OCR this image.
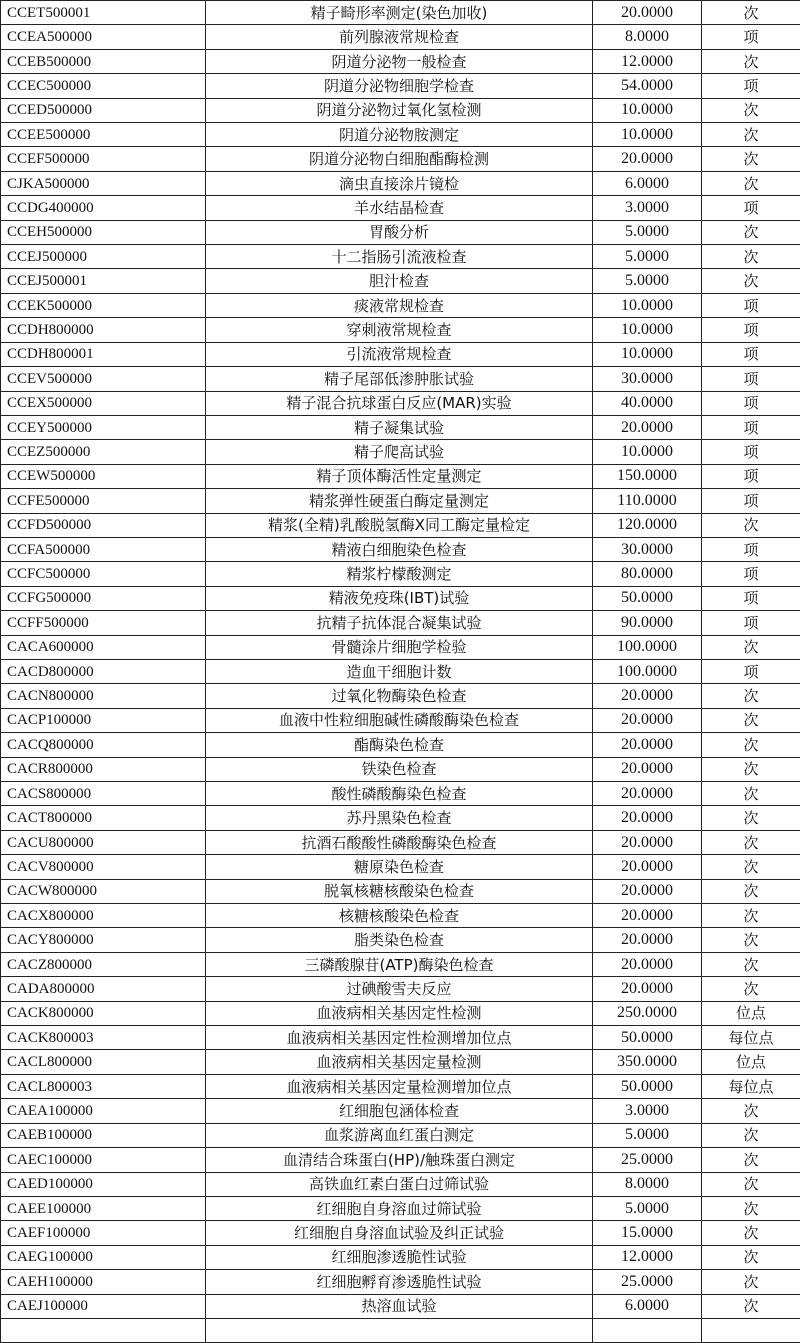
CCET500001	精子畸形率测定(染色加收)	20.0000	次
CCEA500000	前列腺液常规检查	8.0000	项
CCEB500000	阴道分泌物一般检查	12.0000	次
CCEC500000	阴道分泌物细胞学检查	54.0000	项
CCED500000	阴道分泌物过氧化氢检测	10.0000	次
CCEE500000	阴道分泌物胺测定	10.0000	次
CCEF500000	阴道分泌物白细胞酯酶检测	20.0000	次
CJKA500000	滴虫直接涂片镜检	6.0000	次
CCDG400000	羊水结晶检查	3.0000	项
CCEH500000	胃酸分析	5.0000	次
CCEJ500000	十二指肠引流液检查	5.0000	次
CCEJ500001	胆汁检查	5.0000	次
CCEK500000	痰液常规检查	10.0000	项
CCDH800000	穿刺液常规检查	10.0000	项
CCDH800001	引流液常规检查	10.0000	项
CCEV500000	精子尾部低渗肿胀试验	30.0000	项
CCEX500000	精子混合抗球蛋白反应(MAR)实验	40.0000	项
CCEY500000	精子凝集试验	20.0000	项
CCEZ500000	精子爬高试验	10.0000	项
CCEW500000	精子顶体酶活性定量测定	150.0000	项
CCFE500000	精浆弹性硬蛋白酶定量测定	110.0000	项
CCFD500000	精浆(全精)乳酸脱氢酶X同工酶定量检定	120.0000	次
CCFA500000	精液白细胞染色检查	30.0000	项
CCFC500000	精浆柠檬酸测定	80.0000	项
CCFG500000	精液免疫珠(IBT)试验	50.0000	项
CCFF500000	抗精子抗体混合凝集试验	90.0000	项
CACA600000	骨髓涂片细胞学检验	100.0000	次
CACD800000	造血干细胞计数	100.0000	项
CACN800000	过氧化物酶染色检查	20.0000	次
CACP100000	血液中性粒细胞碱性磷酸酶染色检查	20.0000	次
CACQ800000	酯酶染色检查	20.0000	次
CACR800000	铁染色检查	20.0000	次
CACS800000	酸性磷酸酶染色检查	20.0000	次
CACT800000	苏丹黑染色检查	20.0000	次
CACU800000	抗酒石酸酸性磷酸酶染色检查	20.0000	次
CACV800000	糖原染色检查	20.0000	次
CACW800000	脱氧核糖核酸染色检查	20.0000	次
CACX800000	核糖核酸染色检查	20.0000	次
CACY800000	脂类染色检查	20.0000	次
CACZ800000	三磷酸腺苷(ATP)酶染色检查	20.0000	次
CADA800000	过碘酸雪夫反应	20.0000	次
CACK800000	血液病相关基因定性检测	250.0000	位点
CACK800003	血液病相关基因定性检测增加位点	50.0000	每位点
CACL800000	血液病相关基因定量检测	350.0000	位点
CACL800003	血液病相关基因定量检测增加位点	50.0000	每位点
CAEA100000	红细胞包涵体检查	3.0000	次
CAEB100000	血浆游离血红蛋白测定	5.0000	次
CAEC100000	血清结合珠蛋白(HP)/触珠蛋白测定	25.0000	次
CAED100000	高铁血红素白蛋白过筛试验	8.0000	次
CAEE100000	红细胞自身溶血过筛试验	5.0000	次
CAEF100000	红细胞自身溶血试验及纠正试验	15.0000	次
CAEG100000	红细胞渗透脆性试验	12.0000	次
CAEH100000	红细胞孵育渗透脆性试验	25.0000	次
CAEJ100000	热溶血试验	6.0000	次
